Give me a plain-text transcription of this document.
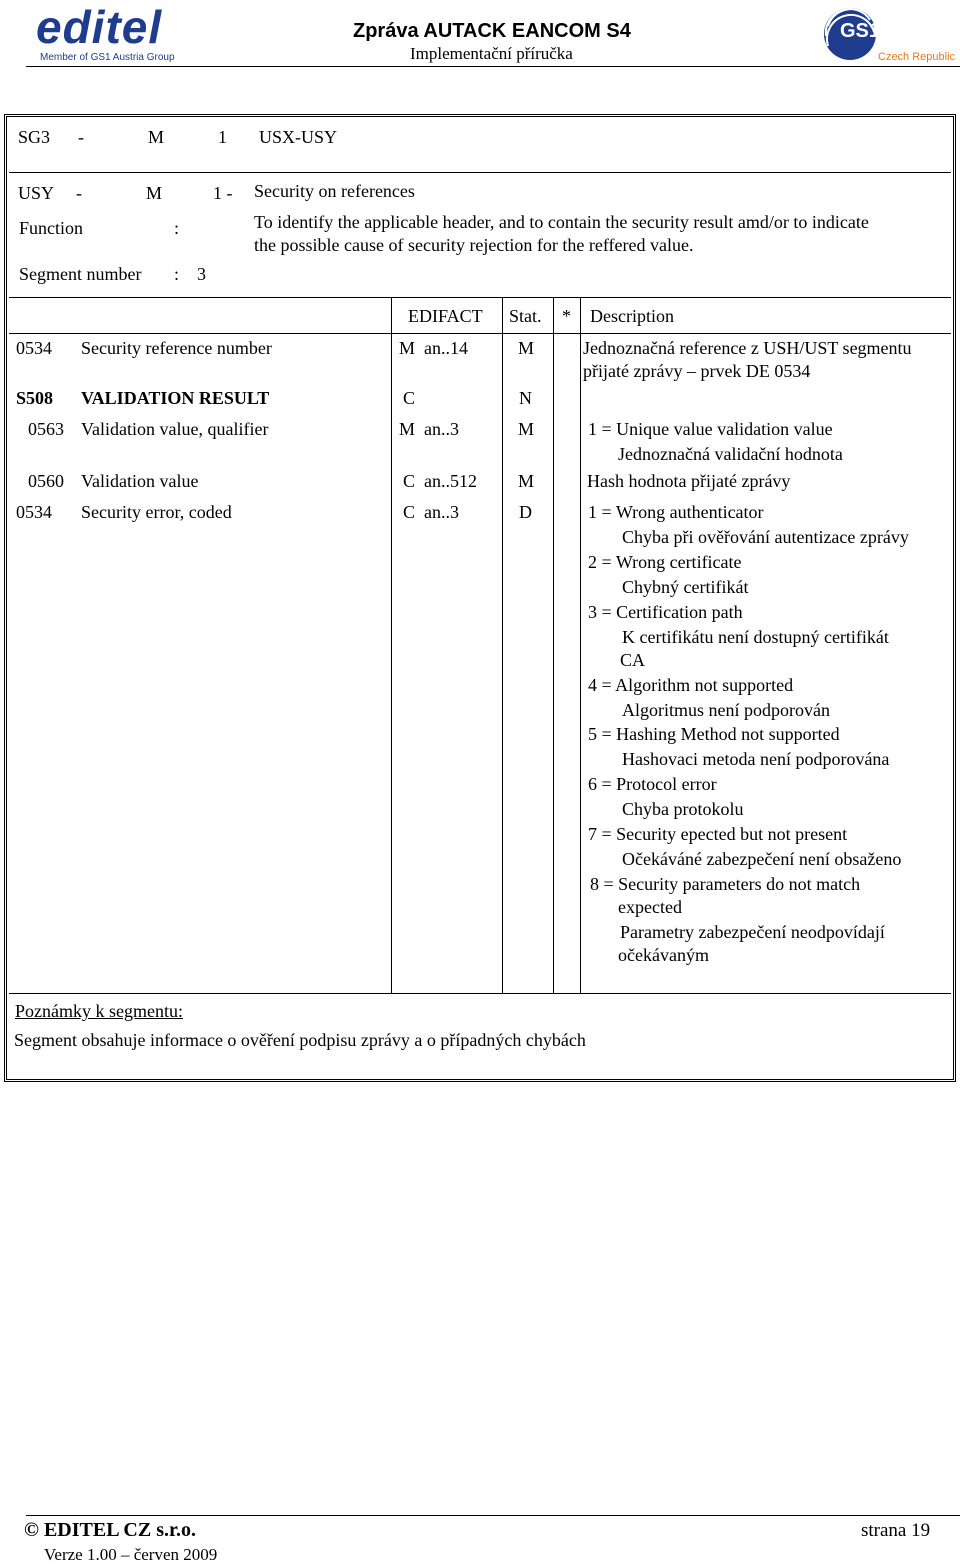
editel
Member of GS1 Austria Group
Zpráva AUTACK EANCOM S4
Implementační příručka
GS1
Czech Republic
SG3 -	M	1 USX-USY
USY -	M	1 - Security on references
Function	:	To identify the applicable header, and to contain the security result amd/or to indicate
the possible cause of security rejection for the reffered value.
Segment number : 3
EDIFACT Stat. * Description
0534 Security reference number	M  an..14	M	Jednoznačná reference z USH/UST segmentu
přijaté zprávy – prvek DE 0534
S508 VALIDATION RESULT	C	N
0563 Validation value, qualifier	M  an..3	M	1 = Unique value validation value
Jednoznačná validační hodnota
0560 Validation value	C  an..512 M	Hash hodnota přijaté zprávy
0534 Security error, coded	C  an..3	D	1 = Wrong authenticator
Chyba při ověřování autentizace zprávy
2 = Wrong certificate
Chybný certifikát
3 = Certification path
K certifikátu není dostupný certifikát
CA
4 = Algorithm not supported
Algoritmus není podporován
5 = Hashing Method not supported
Hashovaci metoda není podporována
6 = Protocol error
Chyba protokolu
7 = Security epected but not present
Očekáváné zabezpečení není obsaženo
8 = Security parameters do not match
expected
Parametry zabezpečení neodpovídají
očekávaným
Poznámky k segmentu:
Segment obsahuje informace o ověření podpisu zprávy a o případných chybách
© EDITEL CZ s.r.o.
Verze 1.00 – červen 2009
strana 19
